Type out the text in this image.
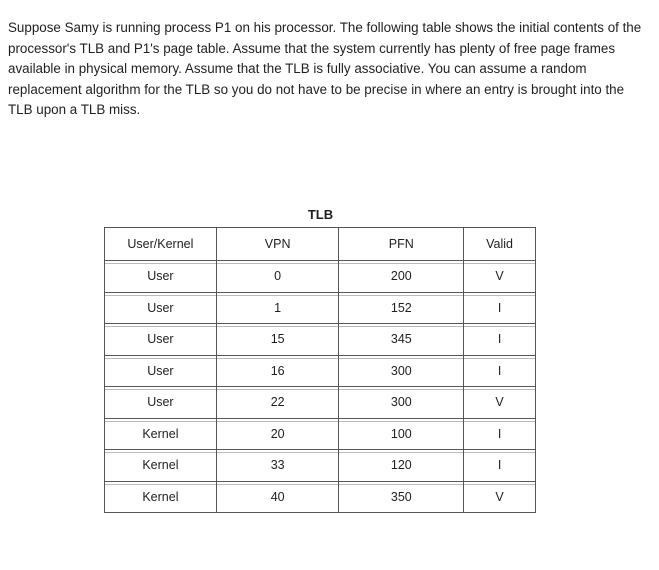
Suppose Samy is running process P1 on his processor. The following table shows the initial contents of the processor's TLB and P1's page table. Assume that the system currently has plenty of free page frames available in physical memory. Assume that the TLB is fully associative. You can assume a random replacement algorithm for the TLB so you do not have to be precise in where an entry is brought into the TLB upon a TLB miss.

TLB
User/Kernel	VPN	PFN	Valid
User	0	200	V
User	1	152	I
User	15	345	I
User	16	300	I
User	22	300	V
Kernel	20	100	I
Kernel	33	120	I
Kernel	40	350	V
